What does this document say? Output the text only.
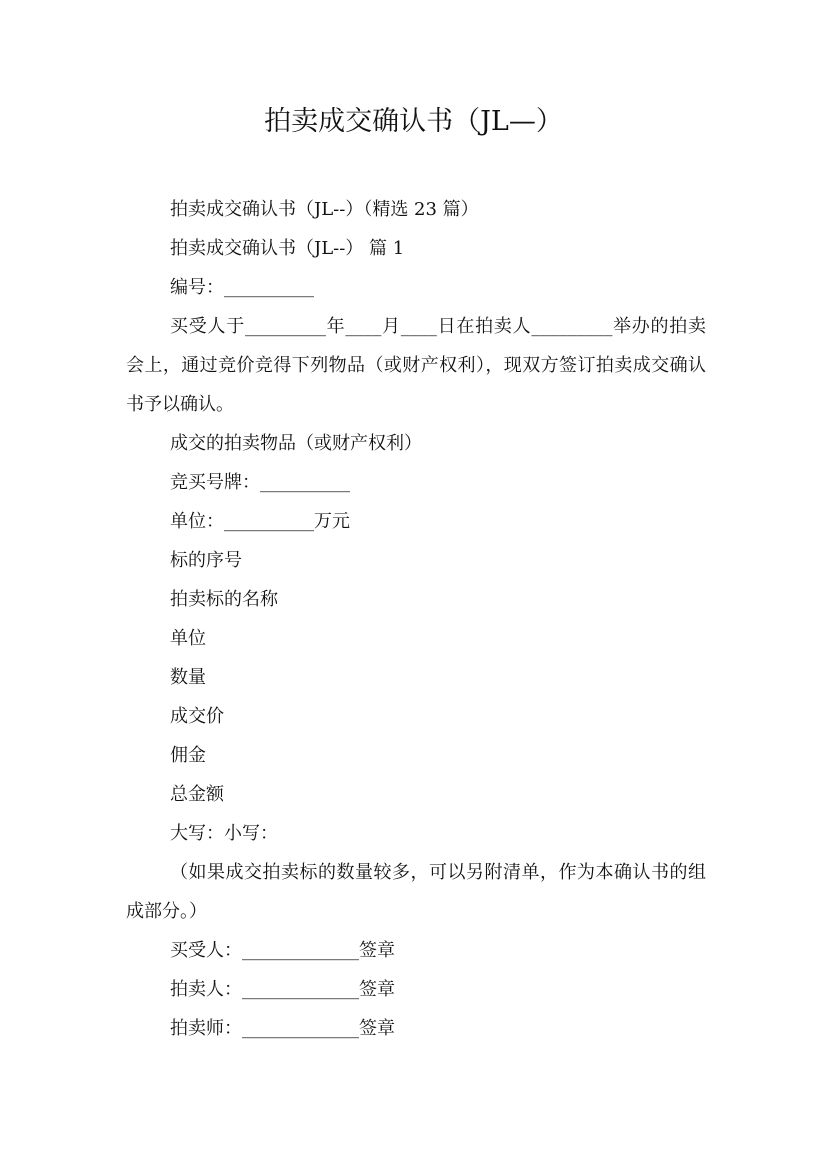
拍卖成交确认书（JL—）

拍卖成交确认书（JL--）（精选 23 篇）

拍卖成交确认书（JL--） 篇 1

编号：__________

买受人于_________年____月____日在拍卖人_________举办的拍卖会上，通过竞价竞得下列物品（或财产权利），现双方签订拍卖成交确认书予以确认。

成交的拍卖物品（或财产权利）

竞买号牌：__________

单位：__________万元

标的序号

拍卖标的名称

单位

数量

成交价

佣金

总金额

大写：小写：

（如果成交拍卖标的数量较多，可以另附清单，作为本确认书的组成部分。）

买受人：_____________签章

拍卖人：_____________签章

拍卖师：_____________签章
